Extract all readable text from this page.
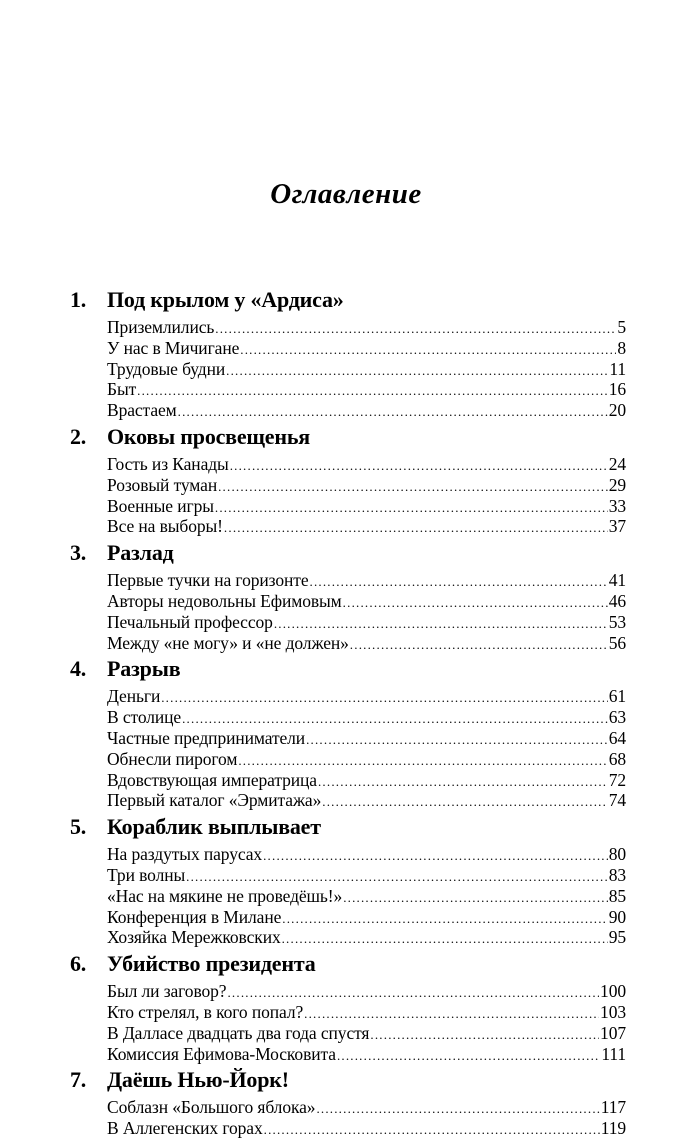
Оглавление
1. Под крылом у «Ардиса»
Приземлились .....	5
У нас в Мичигане .....	8
Трудовые будни .....	11
Быт .....	16
Врастаем .....	20
2. Оковы просвещенья
Гость из Канады .....	24
Розовый туман .....	29
Военные игры .....	33
Все на выборы! .....	37
3. Разлад
Первые тучки на горизонте .....	41
Авторы недовольны Ефимовым .....	46
Печальный профессор .....	53
Между «не могу» и «не должен» .....	56
4. Разрыв
Деньги .....	61
В столице .....	63
Частные предприниматели .....	64
Обнесли пирогом .....	68
Вдовствующая императрица .....	72
Первый каталог «Эрмитажа» .....	74
5. Кораблик выплывает
На раздутых парусах .....	80
Три волны .....	83
«Нас на мякине не проведёшь!» .....	85
Конференция в Милане .....	90
Хозяйка Мережковских .....	95
6. Убийство президента
Был ли заговор? .....	100
Кто стрелял, в кого попал? .....	103
В Далласе двадцать два года спустя .....	107
Комиссия Ефимова-Московита .....	111
7. Даёшь Нью-Йорк!
Соблазн «Большого яблока» .....	117
В Аллегенских горах .....	119
